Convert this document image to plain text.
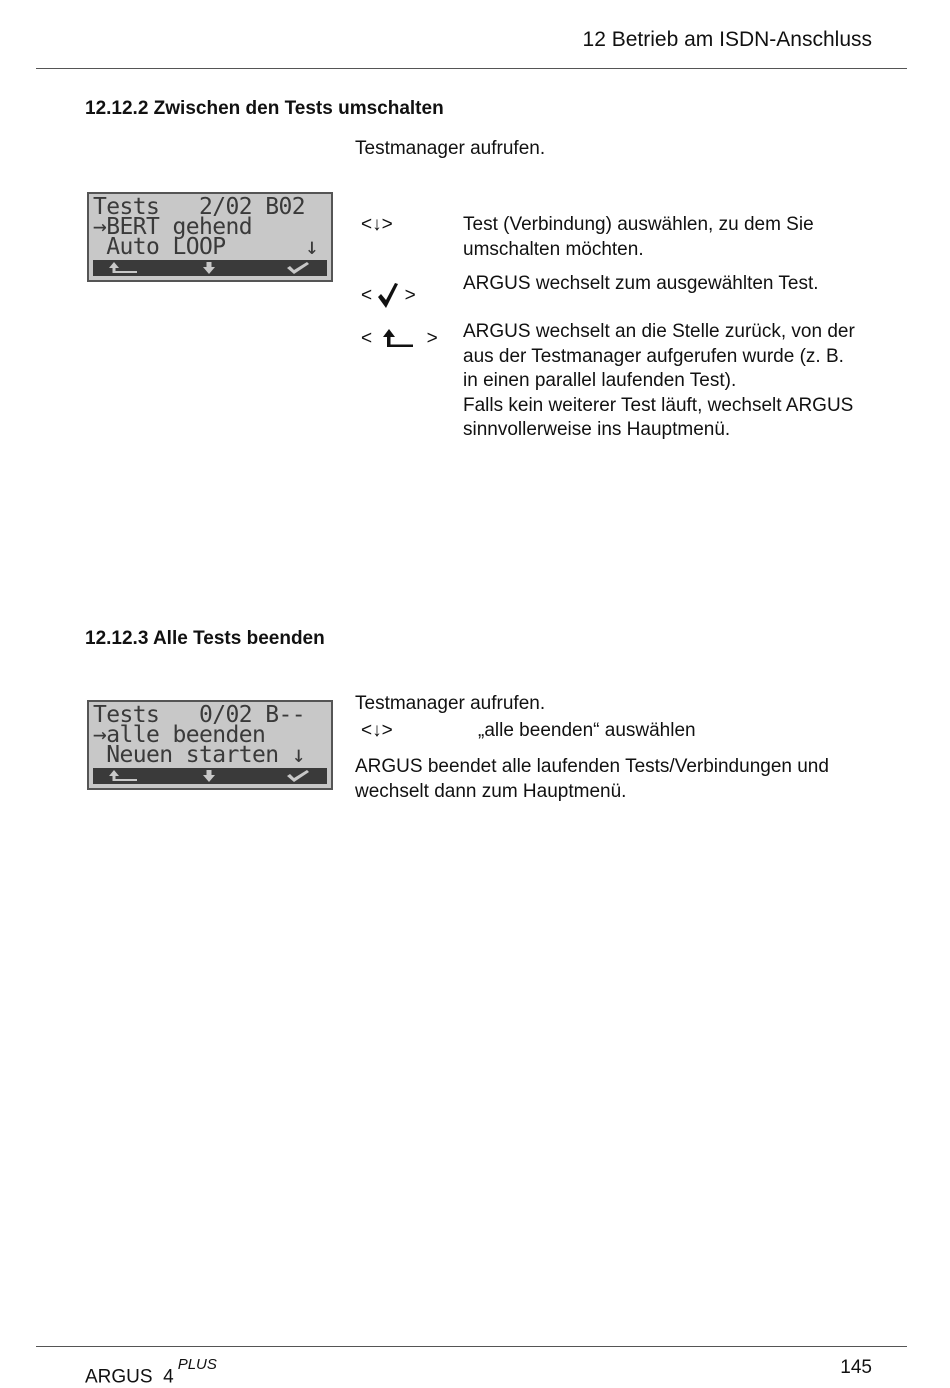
12 Betrieb am ISDN-Anschluss
12.12.2 Zwischen den Tests umschalten
Testmanager aufrufen.
Tests   2/02 B02
→BERT gehend
Auto LOOP      ↓
<↓>	Test (Verbindung) auswählen, zu dem Sie
umschalten möchten.
< >
ARGUS wechselt zum ausgewählten Test.
<	> ARGUS wechselt an die Stelle zurück, von der
aus der Testmanager aufgerufen wurde (z. B.
in einen parallel laufenden Test).
Falls kein weiterer Test läuft, wechselt ARGUS
sinnvollerweise ins Hauptmenü.
12.12.3 Alle Tests beenden
Testmanager aufrufen.
Tests   0/02 B--
→alle beenden
Neuen starten ↓
<↓>	„alle beenden“ auswählen
ARGUS beendet alle laufenden Tests/Verbindungen und
wechselt dann zum Hauptmenü.
ARGUS  $4^{PLUS}$	145
